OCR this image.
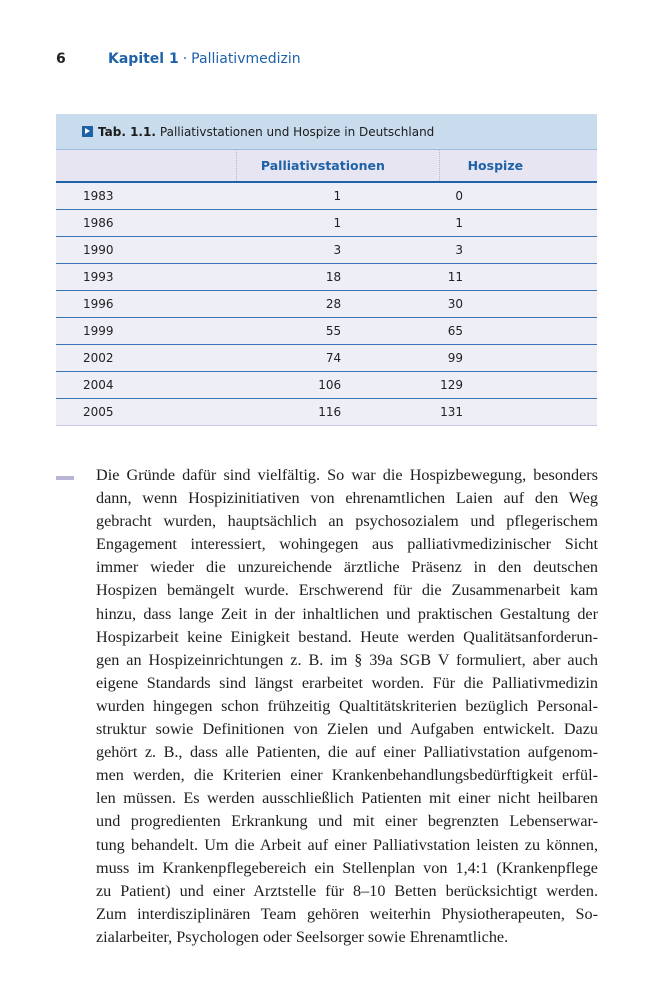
6	Kapitel 1 · Palliativmedizin
Tab. 1.1. Palliativstationen und Hospize in Deutschland
	Palliativstationen	Hospize
1983	1	0
1986	1	1
1990	3	3
1993	18	11
1996	28	30
1999	55	65
2002	74	99
2004	106	129
2005	116	131
Die Gründe dafür sind vielfältig. So war die Hospizbewegung, besonders
dann, wenn Hospizinitiativen von ehrenamtlichen Laien auf den Weg
gebracht wurden, hauptsächlich an psychosozialem und pflegerischem
Engagement interessiert, wohingegen aus palliativmedizinischer Sicht
immer wieder die unzureichende ärztliche Präsenz in den deutschen
Hospizen bemängelt wurde. Erschwerend für die Zusammenarbeit kam
hinzu, dass lange Zeit in der inhaltlichen und praktischen Gestaltung der
Hospizarbeit keine Einigkeit bestand. Heute werden Qualitätsanforderun-
gen an Hospizeinrichtungen z. B. im § 39a SGB V formuliert, aber auch
eigene Standards sind längst erarbeitet worden. Für die Palliativmedizin
wurden hingegen schon frühzeitig Qualtitätskriterien bezüglich Personal-
struktur sowie Definitionen von Zielen und Aufgaben entwickelt. Dazu
gehört z. B., dass alle Patienten, die auf einer Palliativstation aufgenom-
men werden, die Kriterien einer Krankenbehandlungsbedürftigkeit erfül-
len müssen. Es werden ausschließlich Patienten mit einer nicht heilbaren
und progredienten Erkrankung und mit einer begrenzten Lebenserwar-
tung behandelt. Um die Arbeit auf einer Palliativstation leisten zu können,
muss im Krankenpflegebereich ein Stellenplan von 1,4:1 (Krankenpflege
zu Patient) und einer Arztstelle für 8–10 Betten berücksichtigt werden.
Zum interdisziplinären Team gehören weiterhin Physiotherapeuten, So-
zialarbeiter, Psychologen oder Seelsorger sowie Ehrenamtliche.
